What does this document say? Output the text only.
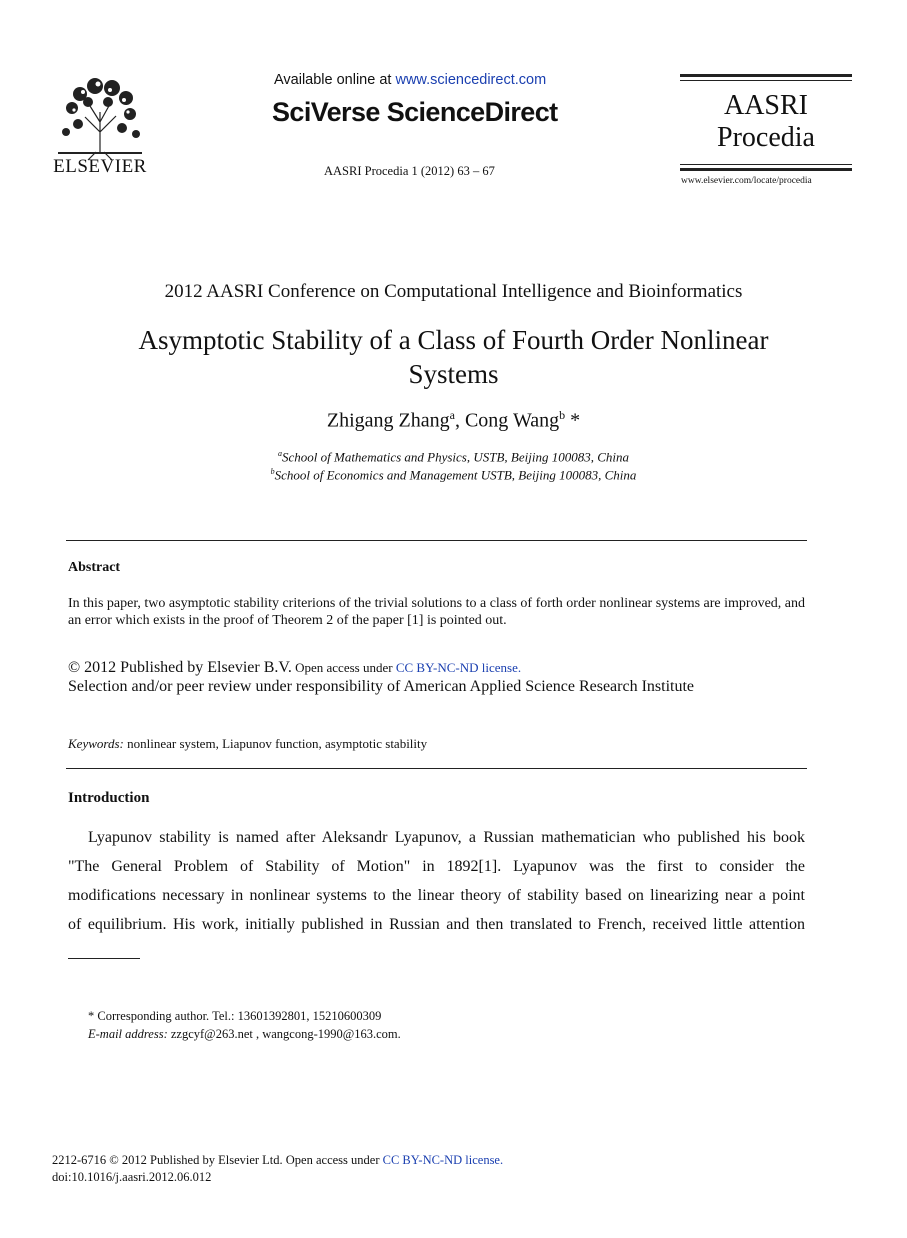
ELSEVIER
Available online at www.sciencedirect.com
SciVerse ScienceDirect
AASRI Procedia 1 (2012) 63 – 67
AASRI
Procedia
www.elsevier.com/locate/procedia
2012 AASRI Conference on Computational Intelligence and Bioinformatics
Asymptotic Stability of a Class of Fourth Order Nonlinear
Systems
Zhigang Zhang$^a$, Cong Wang$^b$ *
$^a$School of Mathematics and Physics, USTB, Beijing 100083, China
$^b$School of Economics and Management USTB, Beijing 100083, China
Abstract
In this paper, two asymptotic stability criterions of the trivial solutions to a class of forth order nonlinear systems are improved, and an error which exists in the proof of Theorem 2 of the paper [1] is pointed out.
© 2012 Published by Elsevier B.V. Open access under CC BY-NC-ND license.
Selection and/or peer review under responsibility of American Applied Science Research Institute
Keywords: nonlinear system, Liapunov function, asymptotic stability
Introduction
Lyapunov stability is named after Aleksandr Lyapunov, a Russian mathematician who published his book
"The General Problem of Stability of Motion" in 1892[1]. Lyapunov was the first to consider the
modifications necessary in nonlinear systems to the linear theory of stability based on linearizing near a point
of equilibrium. His work, initially published in Russian and then translated to French, received little attention
* Corresponding author. Tel.: 13601392801, 15210600309
E-mail address: zzgcyf@263.net , wangcong-1990@163.com.
2212-6716 © 2012 Published by Elsevier Ltd. Open access under CC BY-NC-ND license.
doi:10.1016/j.aasri.2012.06.012
